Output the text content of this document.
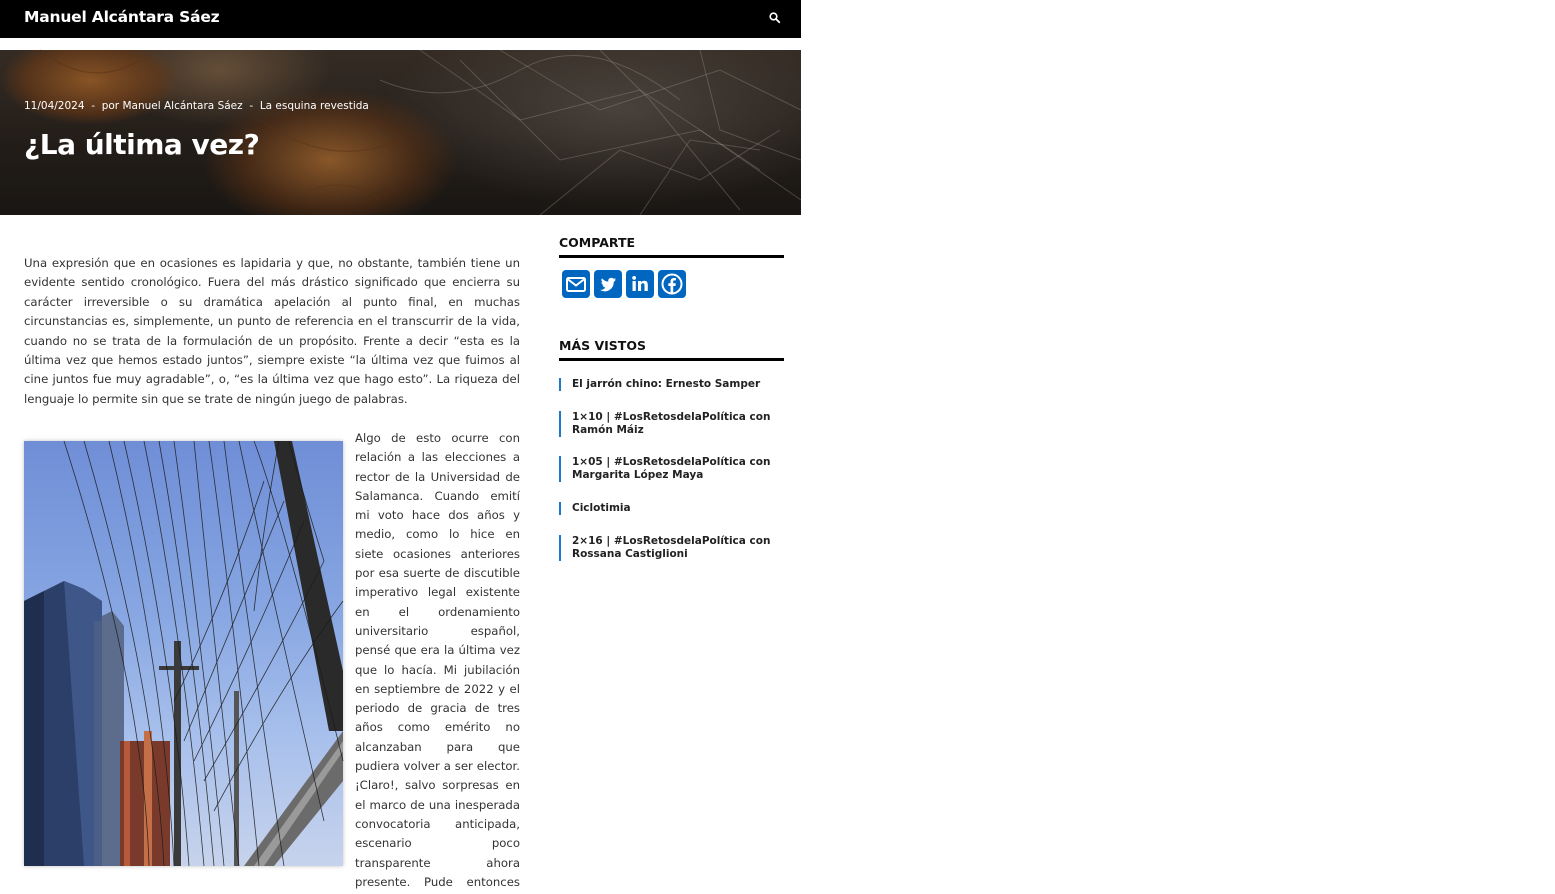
Manuel Alcántara Sáez	Inicio Bio Secciones	Podcasts
11/04/2024 - por Manuel Alcántara Sáez - La esquina revestida
¿La última vez?

Una expresión que en ocasiones es lapidaria y que, no obstante, también tiene un evidente sentido cronológico. Fuera del más drástico significado que encierra su carácter irreversible o su dramática apelación al punto final, en muchas circunstancias es, simplemente, un punto de referencia en el transcurrir de la vida, cuando no se trata de la formulación de un propósito. Frente a decir “esta es la última vez que hemos estado juntos”, siempre existe “la última vez que fuimos al cine juntos fue muy agradable”, o, “es la última vez que hago esto”. La riqueza del lenguaje lo permite sin que se trate de ningún juego de palabras.

Algo de esto ocurre con relación a las elecciones a rector de la Universidad de Salamanca. Cuando emití mi voto hace dos años y medio, como lo hice en siete ocasiones anteriores por esa suerte de discutible imperativo legal existente en el ordenamiento universitario español, pensé que era la última vez que lo hacía. Mi jubilación en septiembre de 2022 y el periodo de gracia de tres años como emérito no alcanzaban para que pudiera volver a ser elector. ¡Claro!, salvo sorpresas en el marco de una inesperada convocatoria anticipada, escenario poco transparente ahora presente. Pude entonces

COMPARTE
MÁS VISTOS
El jarrón chino: Ernesto Samper
1×10 | #LosRetosdelaPolítica con Ramón Máiz
1×05 | #LosRetosdelaPolítica con Margarita López Maya
Ciclotimia
2×16 | #LosRetosdelaPolítica con Rossana Castiglioni
